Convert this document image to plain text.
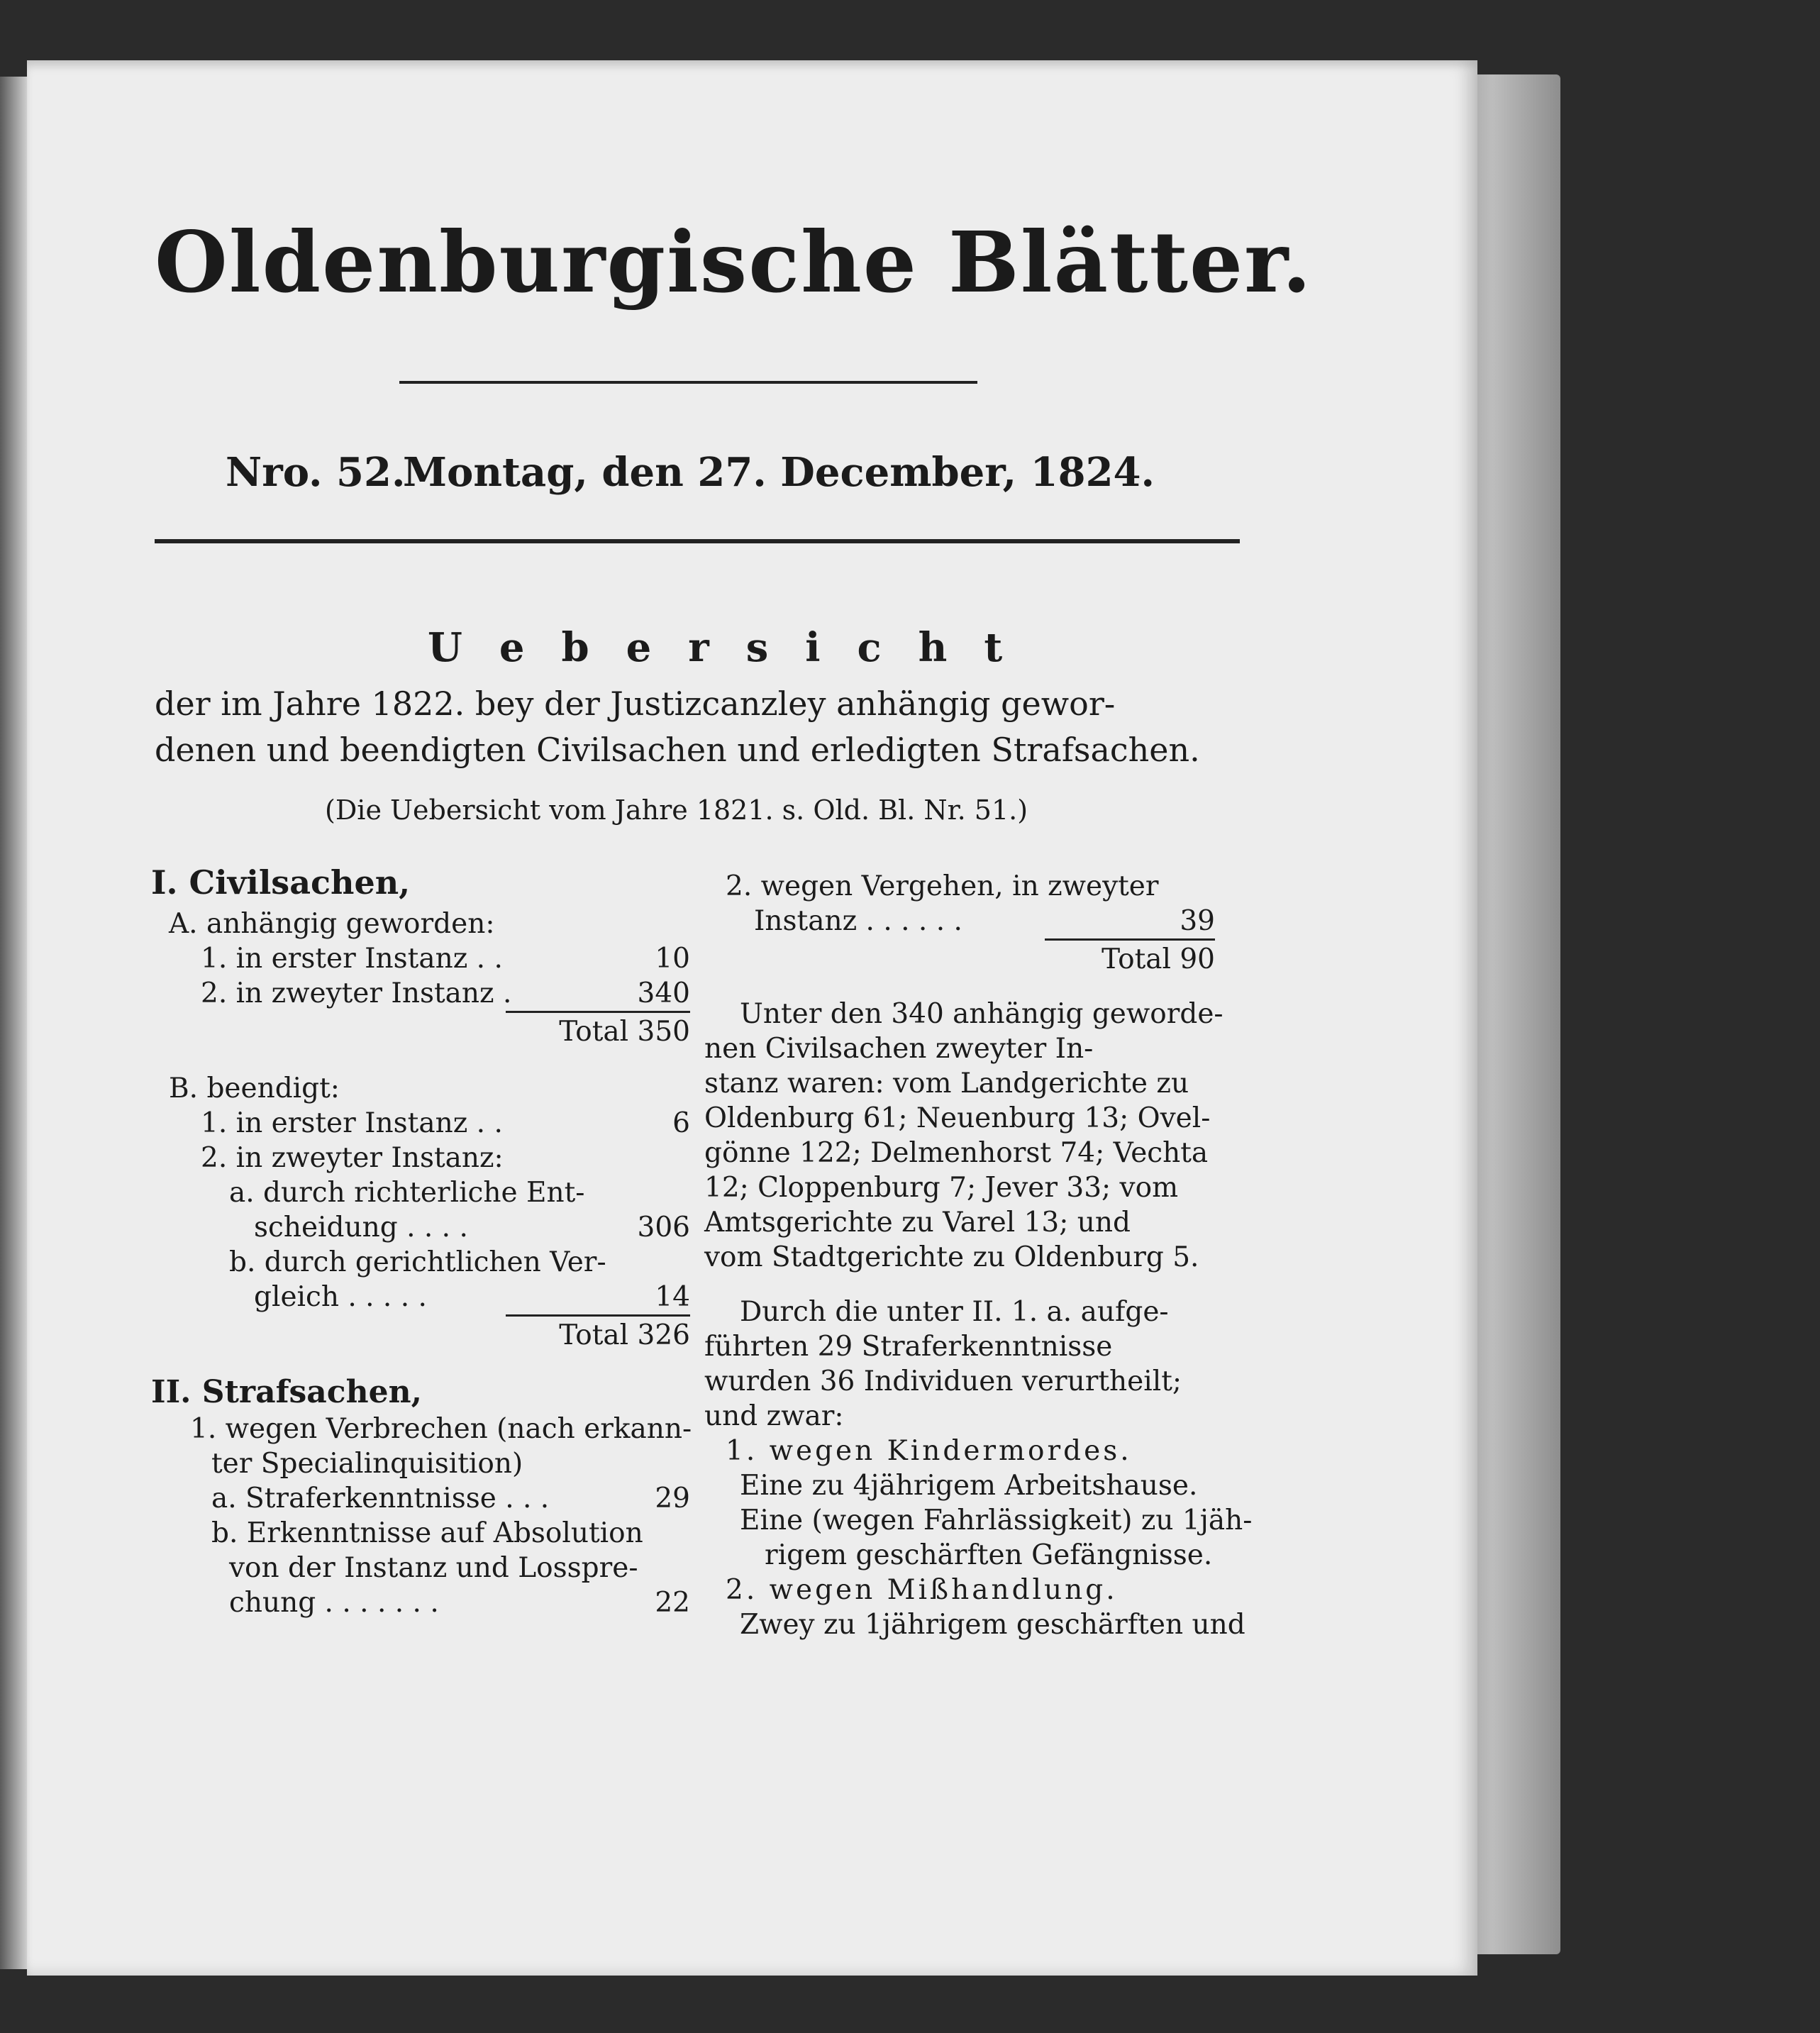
Oldenburgische Blätter.
Nro. 52.
Montag, den 27. December, 1824.
Uebersicht
der im Jahre 1822. bey der Justizcanzley anhängig gewor-
denen und beendigten Civilsachen und erledigten Strafsachen.
(Die Uebersicht vom Jahre 1821. s. Old. Bl. Nr. 51.)
I. Civilsachen,
A. anhängig geworden:
1. in erster Instanz . .	10
2. in zweyter Instanz .	340
Total 350
B. beendigt:
1. in erster Instanz . .	6
2. in zweyter Instanz:
a. durch richterliche Ent-
scheidung . . . .	306
b. durch gerichtlichen Ver-
gleich . . . . .	14
Total 326
II. Strafsachen,
1. wegen Verbrechen (nach erkann-
ter Specialinquisition)
a. Straferkenntnisse . . .	29
b. Erkenntnisse auf Absolution
von der Instanz und Losspre-
chung . . . . . . .	22
2. wegen Vergehen, in zweyter
Instanz . . . . . .	39
Total 90
Unter den 340 anhängig geworde-
nen Civilsachen zweyter In-
stanz waren: vom Landgerichte zu
Oldenburg 61; Neuenburg 13; Ovel-
gönne 122; Delmenhorst 74; Vechta
12; Cloppenburg 7; Jever 33; vom
Amtsgerichte zu Varel 13; und
vom Stadtgerichte zu Oldenburg 5.
Durch die unter II. 1. a. aufge-
führten 29 Straferkenntnisse
wurden 36 Individuen verurtheilt;
und zwar:
1. wegen Kindermordes.
Eine zu 4jährigem Arbeitshause.
Eine (wegen Fahrlässigkeit) zu 1jäh-
rigem geschärften Gefängnisse.
2. wegen Mißhandlung.
Zwey zu 1jährigem geschärften und
